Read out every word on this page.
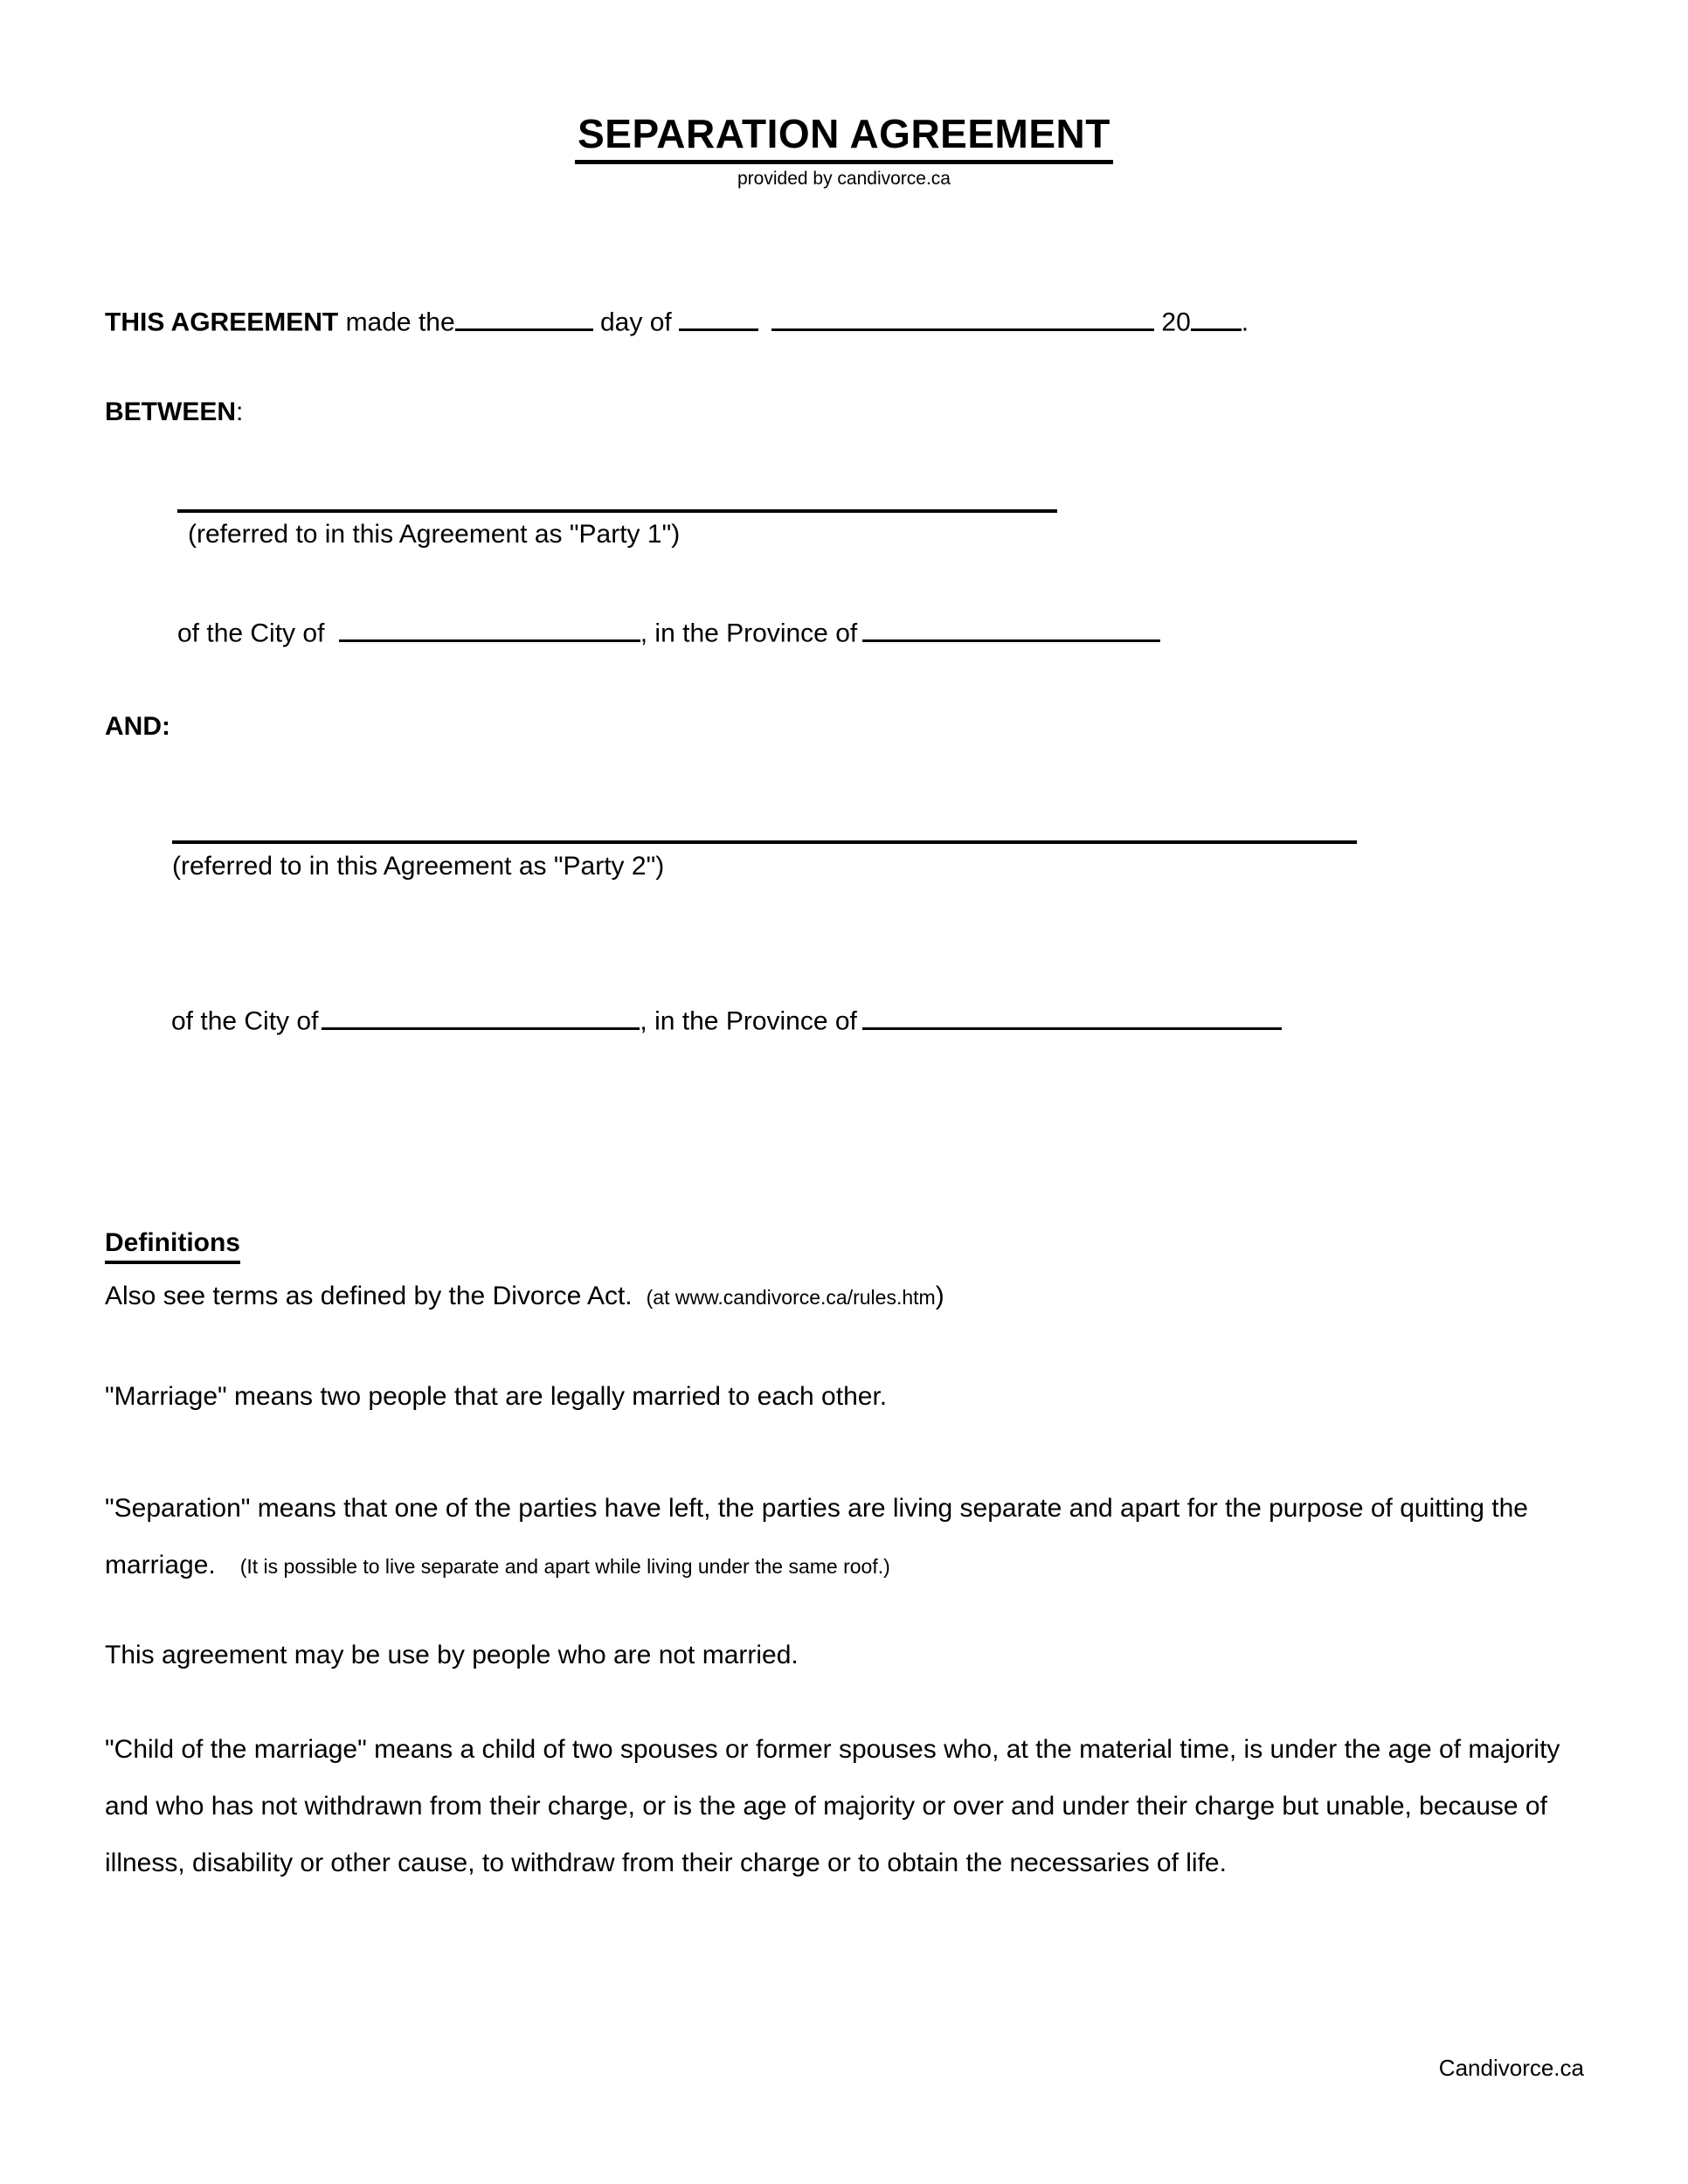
SEPARATION AGREEMENT
provided by candivorce.ca
THIS AGREEMENT made the	day of	20 .
BETWEEN:
(referred to in this Agreement as "Party 1")
of the City of	, in the Province of
AND:
(referred to in this Agreement as "Party 2")
of the City of	, in the Province of
Definitions
Also see terms as defined by the Divorce Act. (at www.candivorce.ca/rules.htm)
"Marriage" means two people that are legally married to each other.
"Separation" means that one of the parties have left, the parties are living separate and apart for the purpose of quitting the marriage. (It is possible to live separate and apart while living under the same roof.)
This agreement may be use by people who are not married.
"Child of the marriage" means a child of two spouses or former spouses who, at the material time, is under the age of majority and who has not withdrawn from their charge, or is the age of majority or over and under their charge but unable, because of illness, disability or other cause, to withdraw from their charge or to obtain the necessaries of life.
Candivorce.ca
